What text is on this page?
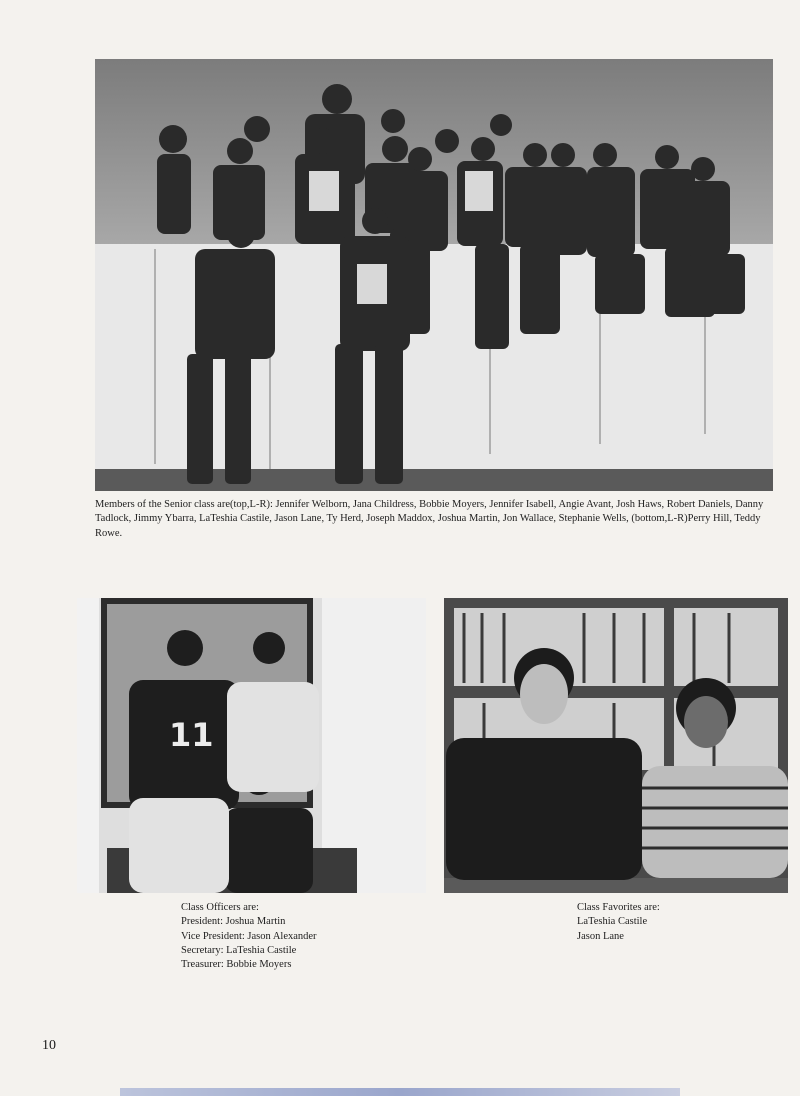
Members of the Senior class are(top,L-R): Jennifer Welborn, Jana Childress, Bobbie Moyers, Jennifer Isabell, Angie Avant, Josh Haws, Robert Daniels, Danny Tadlock, Jimmy Ybarra, LaTeshia Castile, Jason Lane, Ty Herd, Joseph Maddox, Joshua Martin, Jon Wallace, Stephanie Wells, (bottom,L-R)Perry Hill, Teddy Rowe.
11
Class Officers are:
President: Joshua Martin
Vice President: Jason Alexander
Secretary: LaTeshia Castile
Treasurer: Bobbie Moyers
Class Favorites are:
LaTeshia Castile
Jason Lane
10
